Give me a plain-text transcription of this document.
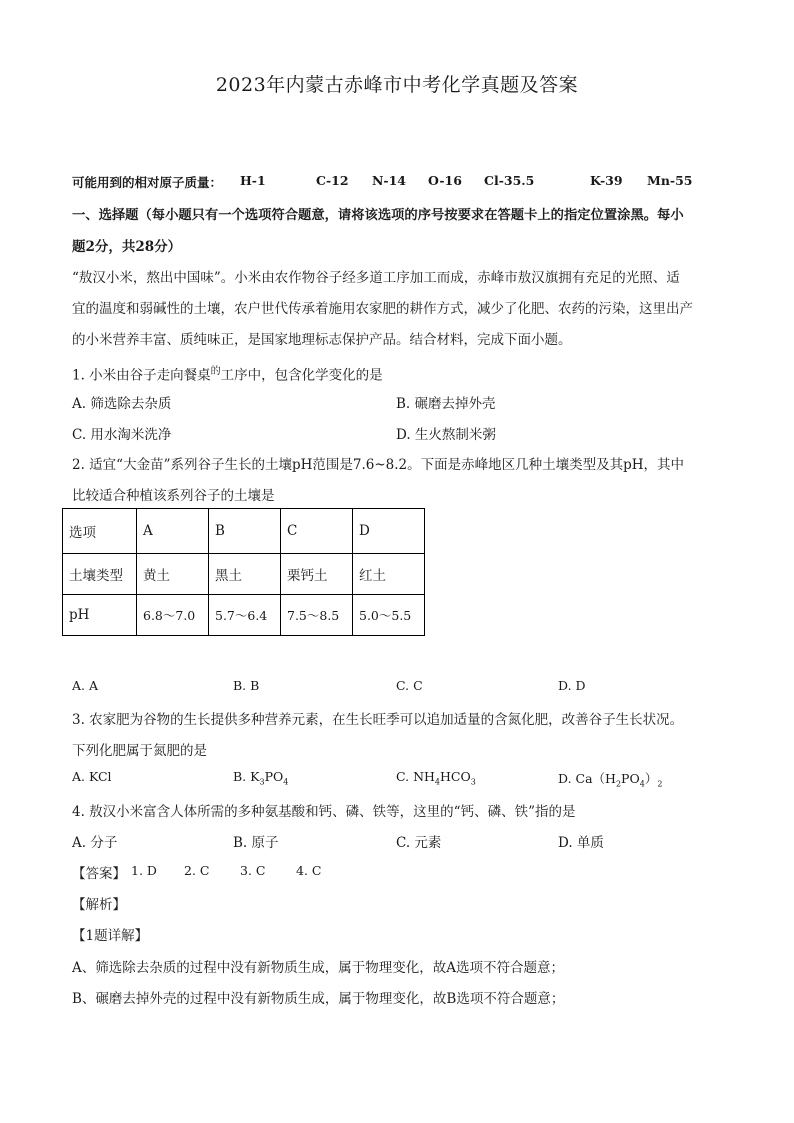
2023年内蒙古赤峰市中考化学真题及答案
可能用到的相对原子质量： H-1	C-12 N-14 O-16 Cl-35.5	K-39 Mn-55
一、选择题（每小题只有一个选项符合题意，请将该选项的序号按要求在答题卡上的指定位置涂黑。每小
题2分，共28分）
“敖汉小米，熬出中国味”。小米由农作物谷子经多道工序加工而成，赤峰市敖汉旗拥有充足的光照、适
宜的温度和弱碱性的土壤，农户世代传承着施用农家肥的耕作方式，减少了化肥、农药的污染，这里出产
的小米营养丰富、质纯味正，是国家地理标志保护产品。结合材料，完成下面小题。
1. 小米由谷子走向餐桌$^的$工序中，包含化学变化的是
A. 筛选除去杂质	B. 碾磨去掉外壳
C. 用水淘米洗净	D. 生火熬制米粥
2. 适宜“大金苗”系列谷子生长的土壤pH范围是7.6~8.2。下面是赤峰地区几种土壤类型及其pH，其中
比较适合种植该系列谷子的土壤是
选项	A	B	C	D
土壤类型	黄土	黑土	栗钙土	红土
pH	6.8～7.0	5.7～6.4	7.5～8.5	5.0～5.5
A. A	B. B	C. C	D. D
3. 农家肥为谷物的生长提供多种营养元素，在生长旺季可以追加适量的含氮化肥，改善谷子生长状况。
下列化肥属于氮肥的是
A. KCl	B. $K_3PO_4$	C. $NH_4HCO_3$	D. $Ca(H_2PO_4)_2$
4. 敖汉小米富含人体所需的多种氨基酸和钙、磷、铁等，这里的“钙、磷、铁”指的是
A. 分子	B. 原子	C. 元素	D. 单质
【答案】 1. D 2. C 3. C 4. C
【解析】
【1题详解】
A、筛选除去杂质的过程中没有新物质生成，属于物理变化，故A选项不符合题意；
B、碾磨去掉外壳的过程中没有新物质生成，属于物理变化，故B选项不符合题意；
